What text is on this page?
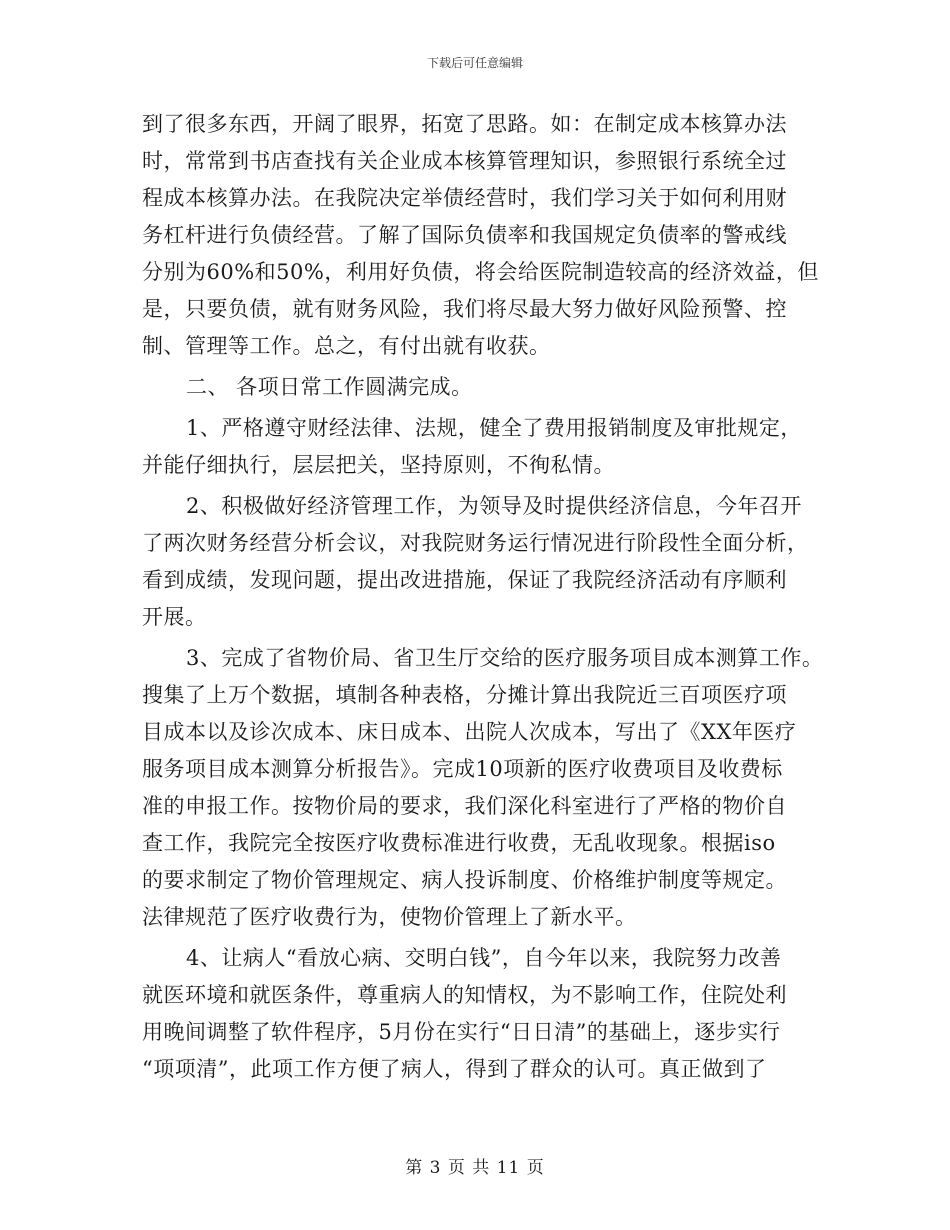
下载后可任意编辑
到了很多东西，开阔了眼界，拓宽了思路。如：在制定成本核算办法
时，常常到书店查找有关企业成本核算管理知识，参照银行系统全过
程成本核算办法。在我院决定举债经营时，我们学习关于如何利用财
务杠杆进行负债经营。了解了国际负债率和我国规定负债率的警戒线
分别为60%和50%，利用好负债，将会给医院制造较高的经济效益，但
是，只要负债，就有财务风险，我们将尽最大努力做好风险预警、控
制、管理等工作。总之，有付出就有收获。
二、 各项日常工作圆满完成。
1、严格遵守财经法律、法规，健全了费用报销制度及审批规定，
并能仔细执行，层层把关，坚持原则，不徇私情。
2、积极做好经济管理工作，为领导及时提供经济信息，今年召开
了两次财务经营分析会议，对我院财务运行情况进行阶段性全面分析，
看到成绩，发现问题，提出改进措施，保证了我院经济活动有序顺利
开展。
3、完成了省物价局、省卫生厅交给的医疗服务项目成本测算工作。
搜集了上万个数据，填制各种表格，分摊计算出我院近三百项医疗项
目成本以及诊次成本、床日成本、出院人次成本，写出了《XX年医疗
服务项目成本测算分析报告》。完成10项新的医疗收费项目及收费标
准的申报工作。按物价局的要求，我们深化科室进行了严格的物价自
查工作，我院完全按医疗收费标准进行收费，无乱收现象。根据iso
的要求制定了物价管理规定、病人投诉制度、价格维护制度等规定。
法律规范了医疗收费行为，使物价管理上了新水平。
4、让病人“看放心病、交明白钱”，自今年以来，我院努力改善
就医环境和就医条件，尊重病人的知情权，为不影响工作，住院处利
用晚间调整了软件程序，5月份在实行“日日清”的基础上，逐步实行
“项项清”，此项工作方便了病人，得到了群众的认可。真正做到了
第 3 页 共 11 页
